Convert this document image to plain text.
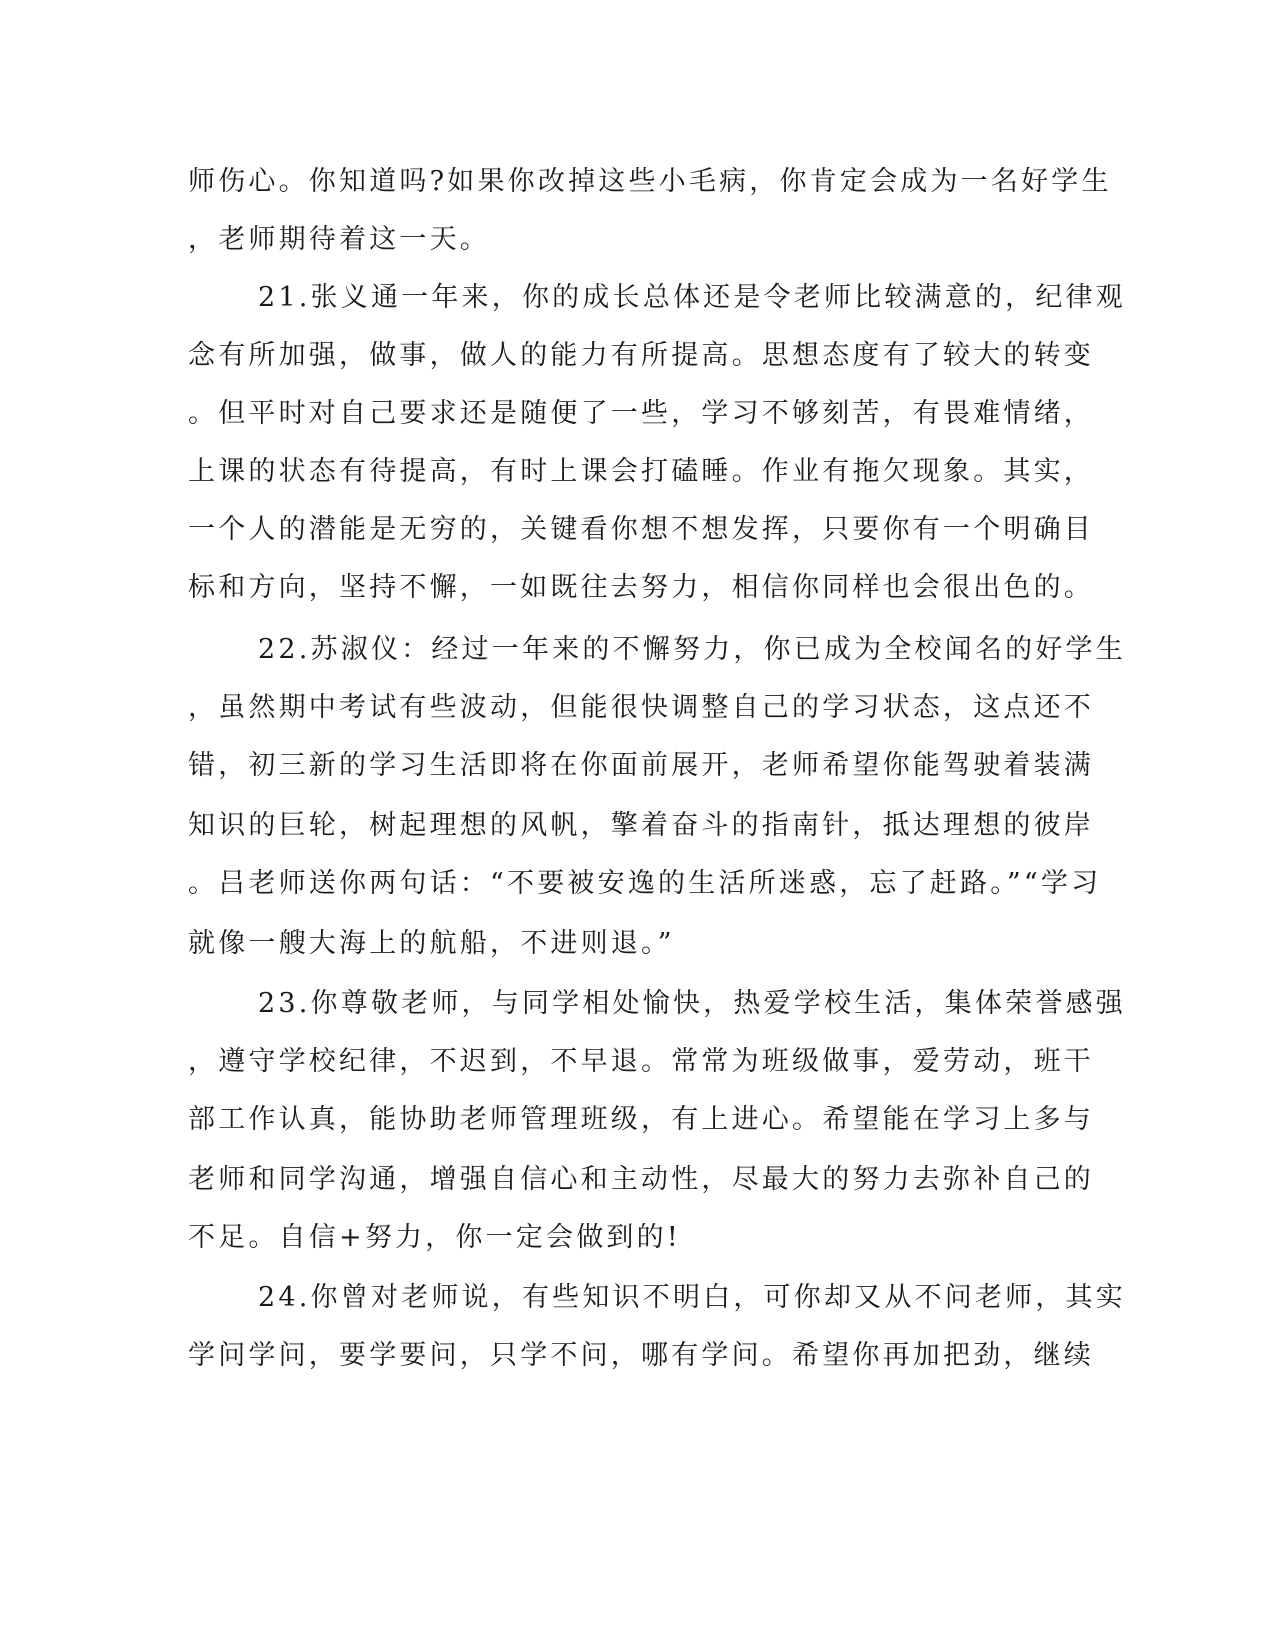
师伤心。你知道吗?如果你改掉这些小毛病，你肯定会成为一名好学生
，老师期待着这一天。
21.张义通一年来，你的成长总体还是令老师比较满意的，纪律观
念有所加强，做事，做人的能力有所提高。思想态度有了较大的转变
。但平时对自己要求还是随便了一些，学习不够刻苦，有畏难情绪，
上课的状态有待提高，有时上课会打磕睡。作业有拖欠现象。其实，
一个人的潜能是无穷的，关键看你想不想发挥，只要你有一个明确目
标和方向，坚持不懈，一如既往去努力，相信你同样也会很出色的。
22.苏淑仪：经过一年来的不懈努力，你已成为全校闻名的好学生
，虽然期中考试有些波动，但能很快调整自己的学习状态，这点还不
错，初三新的学习生活即将在你面前展开，老师希望你能驾驶着装满
知识的巨轮，树起理想的风帆，擎着奋斗的指南针，抵达理想的彼岸
。吕老师送你两句话：“不要被安逸的生活所迷惑，忘了赶路。”“学习
就像一艘大海上的航船，不进则退。”
23.你尊敬老师，与同学相处愉快，热爱学校生活，集体荣誉感强
，遵守学校纪律，不迟到，不早退。常常为班级做事，爱劳动，班干
部工作认真，能协助老师管理班级，有上进心。希望能在学习上多与
老师和同学沟通，增强自信心和主动性，尽最大的努力去弥补自己的
不足。自信+努力，你一定会做到的!
24.你曾对老师说，有些知识不明白，可你却又从不问老师，其实
学问学问，要学要问，只学不问，哪有学问。希望你再加把劲，继续
